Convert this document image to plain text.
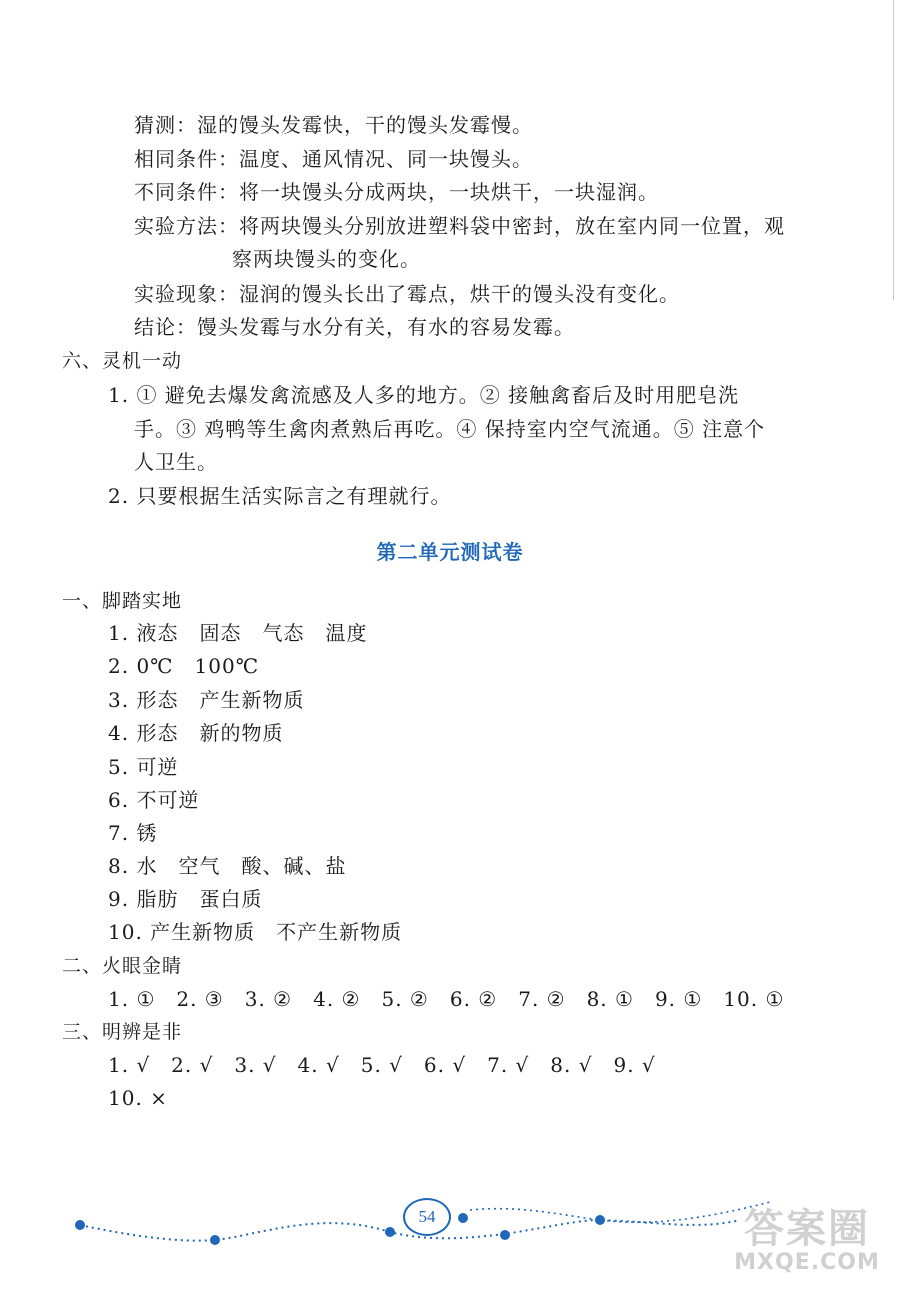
猜测：湿的馒头发霉快，干的馒头发霉慢。
相同条件：温度、通风情况、同一块馒头。
不同条件：将一块馒头分成两块，一块烘干，一块湿润。
实验方法：将两块馒头分别放进塑料袋中密封，放在室内同一位置，观
察两块馒头的变化。
实验现象：湿润的馒头长出了霉点，烘干的馒头没有变化。
结论：馒头发霉与水分有关，有水的容易发霉。
六、灵机一动
1. ① 避免去爆发禽流感及人多的地方。② 接触禽畜后及时用肥皂洗
手。③ 鸡鸭等生禽肉煮熟后再吃。④ 保持室内空气流通。⑤ 注意个
人卫生。
2. 只要根据生活实际言之有理就行。
第二单元测试卷
一、脚踏实地
1. 液态　固态　气态　温度
2. 0℃　100℃
3. 形态　产生新物质
4. 形态　新的物质
5. 可逆
6. 不可逆
7. 锈
8. 水　空气　酸、碱、盐
9. 脂肪　蛋白质
10. 产生新物质　不产生新物质
二、火眼金睛
1. ①　2. ③　3. ②　4. ②　5. ②　6. ②　7. ②　8. ①　9. ①　10. ①
三、明辨是非
1. √　2. √　3. √　4. √　5. √　6. √　7. √　8. √　9. √
10. ×
54	答案圈
MXQE.COM
